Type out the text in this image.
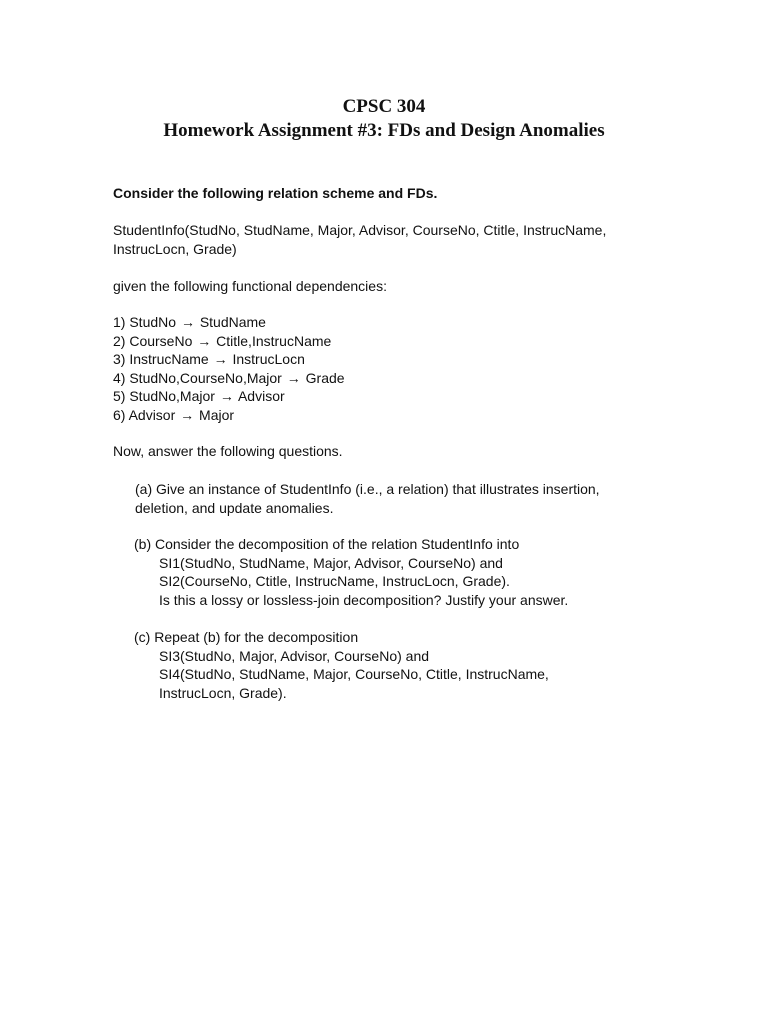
CPSC 304
Homework Assignment #3: FDs and Design Anomalies
Consider the following relation scheme and FDs.
StudentInfo(StudNo, StudName, Major, Advisor, CourseNo, Ctitle, InstrucName,
InstrucLocn, Grade)
given the following functional dependencies:
1) StudNo → StudName
2) CourseNo → Ctitle,InstrucName
3) InstrucName → InstrucLocn
4) StudNo,CourseNo,Major → Grade
5) StudNo,Major → Advisor
6) Advisor → Major
Now, answer the following questions.
(a) Give an instance of StudentInfo (i.e., a relation) that illustrates insertion,
deletion, and update anomalies.
(b) Consider the decomposition of the relation StudentInfo into
SI1(StudNo, StudName, Major, Advisor, CourseNo) and
SI2(CourseNo, Ctitle, InstrucName, InstrucLocn, Grade).
Is this a lossy or lossless-join decomposition? Justify your answer.
(c) Repeat (b) for the decomposition
SI3(StudNo, Major, Advisor, CourseNo) and
SI4(StudNo, StudName, Major, CourseNo, Ctitle, InstrucName,
InstrucLocn, Grade).
